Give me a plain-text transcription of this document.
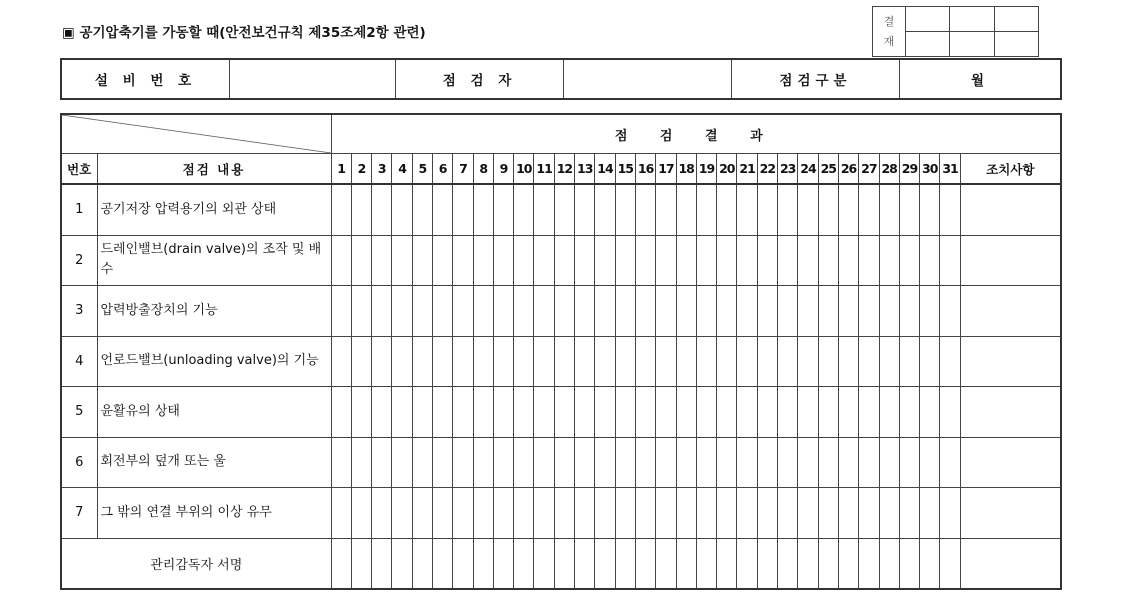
▣ 공기압축기를 가동할 때(안전보건규칙 제35조제2항 관련)
결
재			

설 비 번 호		점 검 자		점검구분	월
		점 검 결 과																															
번호	점검 내용	1	2	3	4	5	6	7	8	9	10	11	12	13	14	15	16	17	18	19	20	21	22	23	24	25	26	27	28	29	30	31	조치사항
1	공기저장 압력용기의 외관 상태																																
2	드레인밸브(drain valve)의 조작 및 배수																																
3	압력방출장치의 기능																																
4	언로드밸브(unloading valve)의 기능																																
5	윤활유의 상태																																
6	회전부의 덮개 또는 울																																
7	그 밖의 연결 부위의 이상 유무																																
관리감독자 서명																																	
